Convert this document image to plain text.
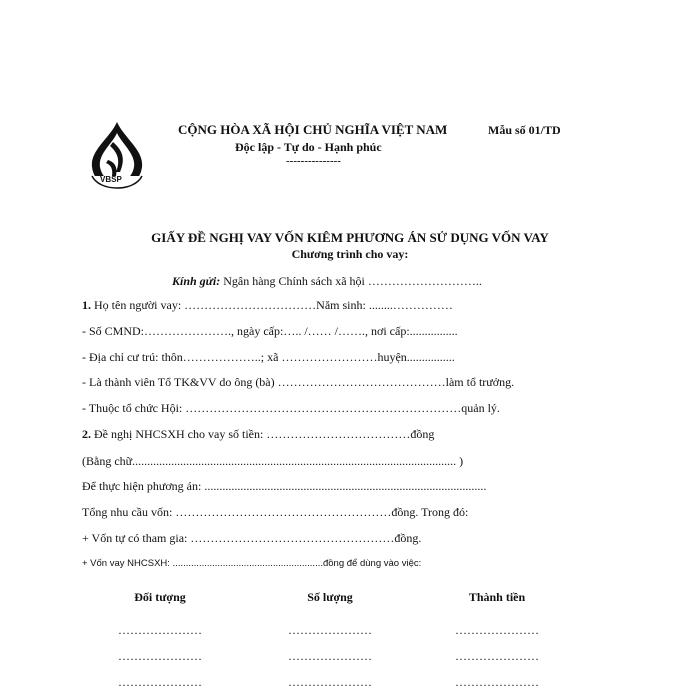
VBSP
CỘNG HÒA XÃ HỘI CHỦ NGHĨA VIỆT NAM	Mẫu số 01/TD
Độc lập - Tự do - Hạnh phúc
---------------
GIẤY ĐỀ NGHỊ VAY VỐN KIÊM PHƯƠNG ÁN SỬ DỤNG VỐN VAY
Chương trình cho vay:
Kính gửi: Ngân hàng Chính sách xã hội ………………………..
1. Họ tên người vay: ……………………………Năm sinh: ........……………
- Số CMND:…………………., ngày cấp:….. /…… /……., nơi cấp:................
- Địa chỉ cư trú: thôn………………..; xã ……………………huyện................
- Là thành viên Tổ TK&VV do ông (bà) ……………………………………làm tổ trưởng.
- Thuộc tổ chức Hội: ……………………………………………………………quản lý.
2. Đề nghị NHCSXH cho vay số tiền: ………………………………đồng
(Bằng chữ............................................................................................................ )
Để thực hiện phương án: ..............................................................................................
Tổng nhu cầu vốn: ………………………………………………đồng. Trong đó:
+ Vốn tự có tham gia: ……………………………………………đồng.
+ Vốn vay NHCSXH: .........................................................đồng để dùng vào việc:
Đối tượng	Số lượng	Thành tiền
…………………	…………………	…………………
…………………	…………………	…………………
…………………	…………………	…………………
